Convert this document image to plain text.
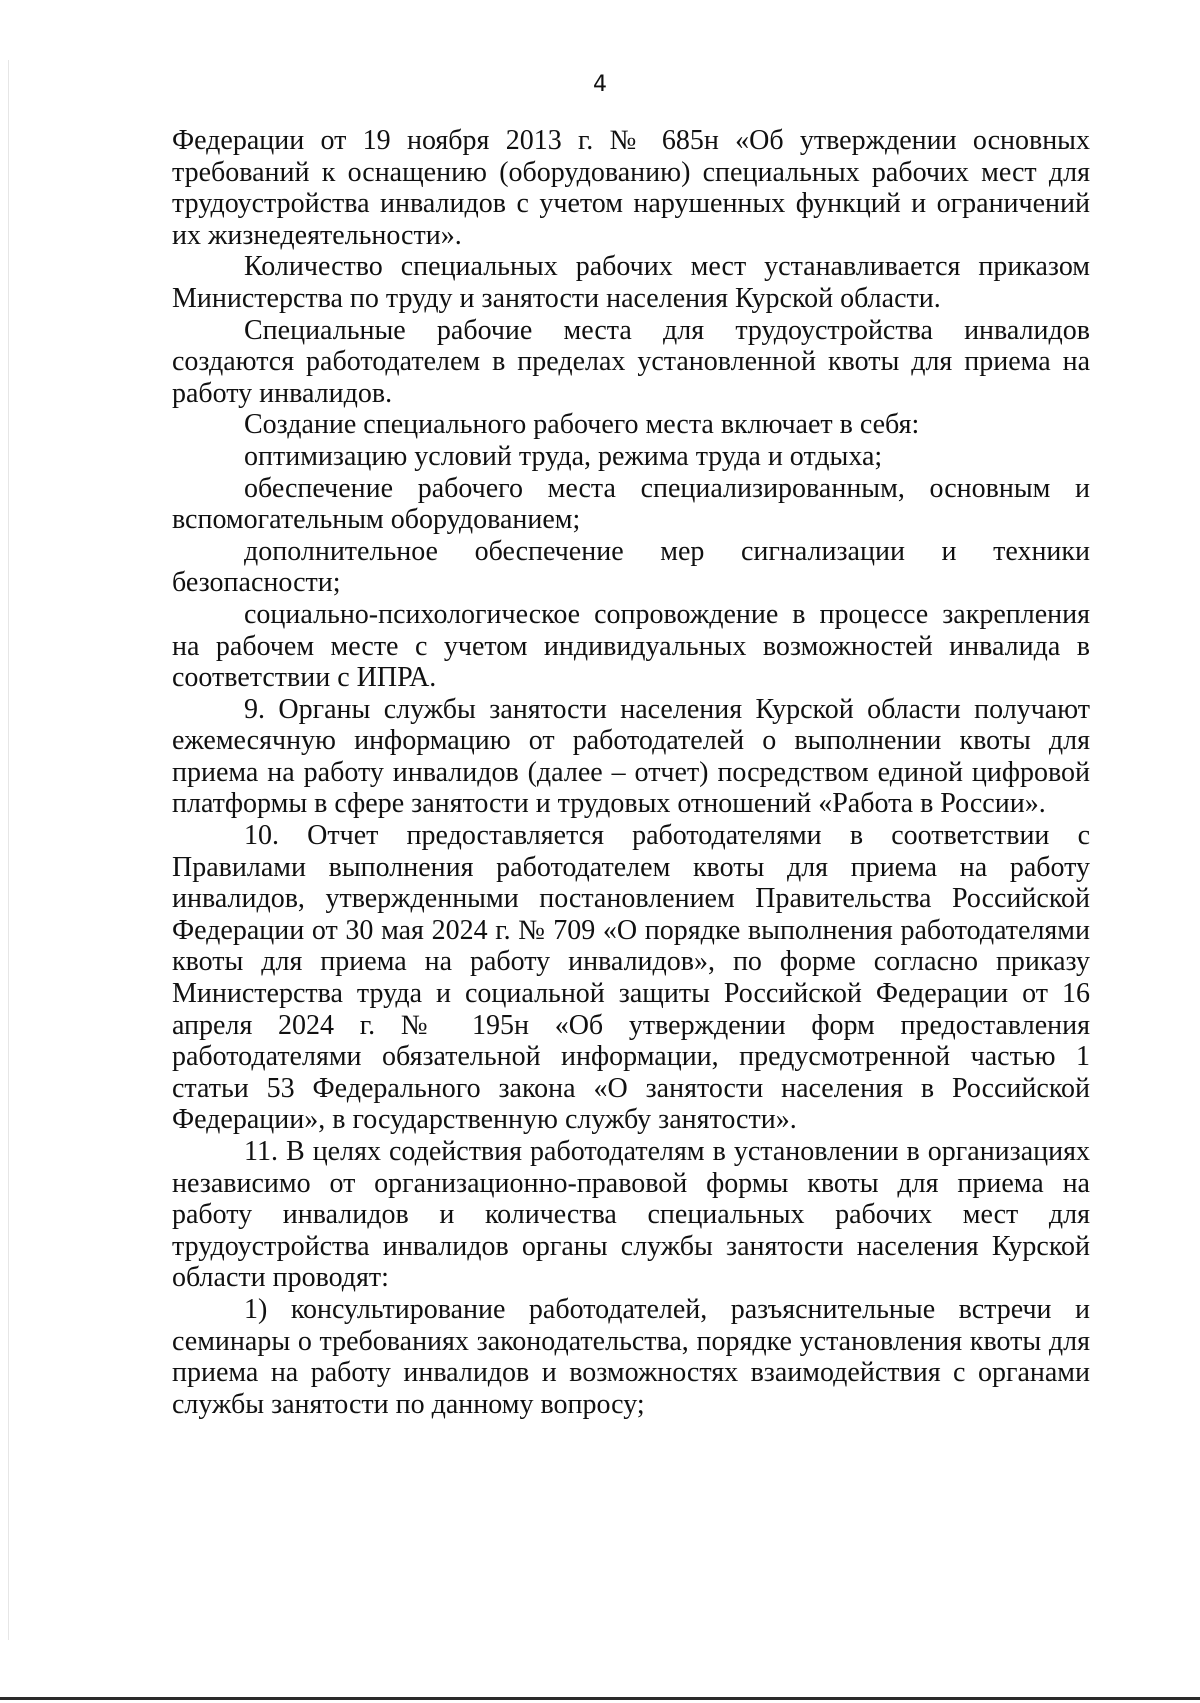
4

Федерации от 19 ноября 2013 г. № 685н «Об утверждении основных требований к оснащению (оборудованию) специальных рабочих мест для трудоустройства инвалидов с учетом нарушенных функций и ограничений их жизнедеятельности».

Количество специальных рабочих мест устанавливается приказом Министерства по труду и занятости населения Курской области.

Специальные рабочие места для трудоустройства инвалидов создаются работодателем в пределах установленной квоты для приема на работу инвалидов.

Создание специального рабочего места включает в себя:

оптимизацию условий труда, режима труда и отдыха;

обеспечение рабочего места специализированным, основным и вспомогательным оборудованием;

дополнительное обеспечение мер сигнализации и техники безопасности;

социально-психологическое сопровождение в процессе закрепления на рабочем месте с учетом индивидуальных возможностей инвалида в соответствии с ИПРА.

9. Органы службы занятости населения Курской области получают ежемесячную информацию от работодателей о выполнении квоты для приема на работу инвалидов (далее – отчет) посредством единой цифровой платформы в сфере занятости и трудовых отношений «Работа в России».

10. Отчет предоставляется работодателями в соответствии с Правилами выполнения работодателем квоты для приема на работу инвалидов, утвержденными постановлением Правительства Российской Федерации от 30 мая 2024 г. № 709 «О порядке выполнения работодателями квоты для приема на работу инвалидов», по форме согласно приказу Министерства труда и социальной защиты Российской Федерации от 16 апреля 2024 г. № 195н «Об утверждении форм предоставления работодателями обязательной информации, предусмотренной частью 1 статьи 53 Федерального закона «О занятости населения в Российской Федерации», в государственную службу занятости».

11. В целях содействия работодателям в установлении в организациях независимо от организационно-правовой формы квоты для приема на работу инвалидов и количества специальных рабочих мест для трудоустройства инвалидов органы службы занятости населения Курской области проводят:

1) консультирование работодателей, разъяснительные встречи и семинары о требованиях законодательства, порядке установления квоты для приема на работу инвалидов и возможностях взаимодействия с органами службы занятости по данному вопросу;
